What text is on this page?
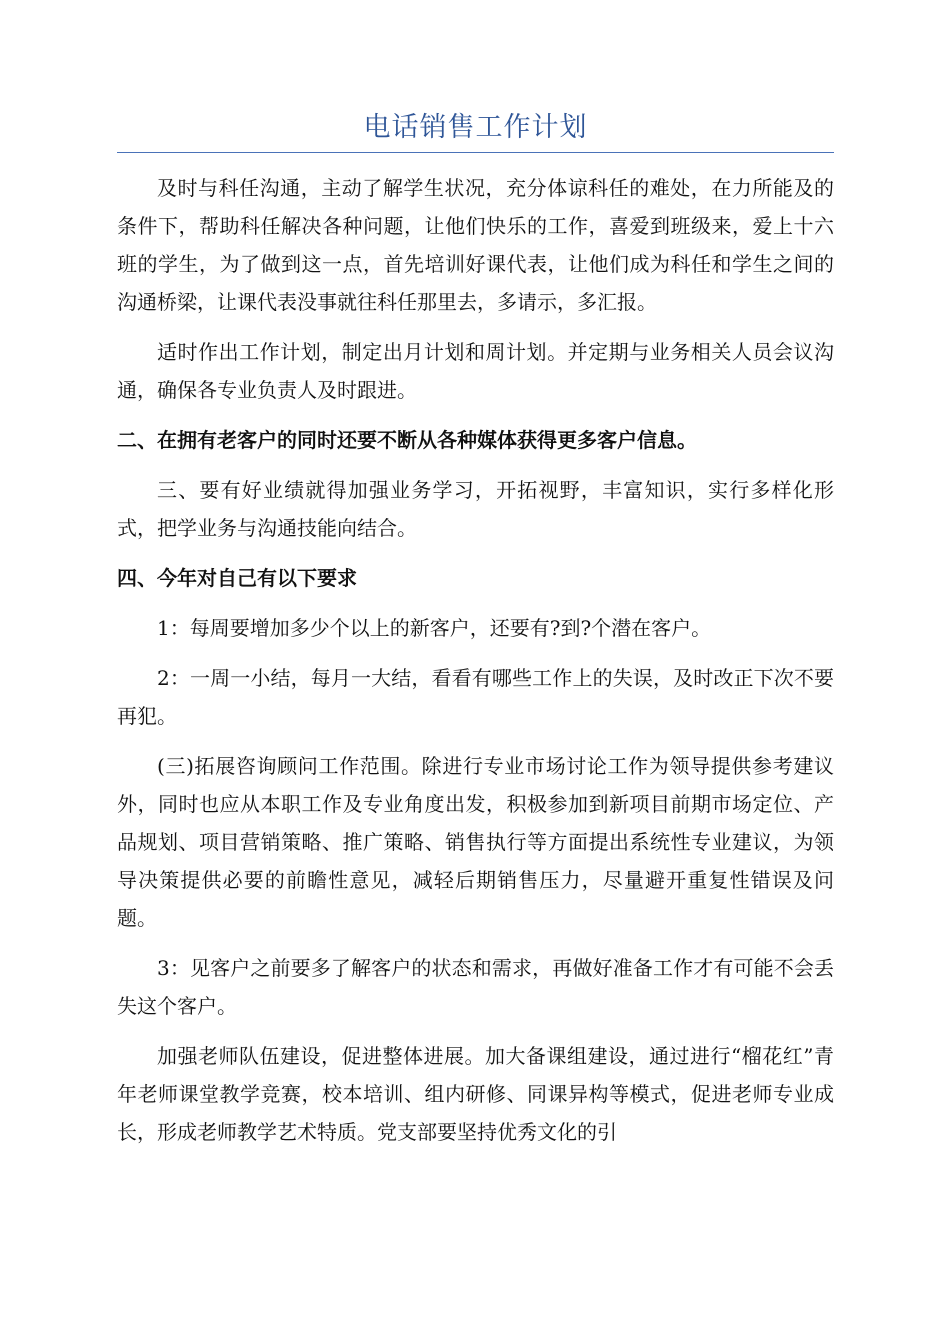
电话销售工作计划

及时与科任沟通，主动了解学生状况，充分体谅科任的难处，在力所能及的条件下，帮助科任解决各种问题，让他们快乐的工作，喜爱到班级来，爱上十六班的学生，为了做到这一点，首先培训好课代表，让他们成为科任和学生之间的沟通桥梁，让课代表没事就往科任那里去，多请示，多汇报。

适时作出工作计划，制定出月计划和周计划。并定期与业务相关人员会议沟通，确保各专业负责人及时跟进。

二、在拥有老客户的同时还要不断从各种媒体获得更多客户信息。

三、要有好业绩就得加强业务学习，开拓视野，丰富知识，实行多样化形式，把学业务与沟通技能向结合。

四、今年对自己有以下要求

1：每周要增加多少个以上的新客户，还要有?到?个潜在客户。

2：一周一小结，每月一大结，看看有哪些工作上的失误，及时改正下次不要再犯。

(三)拓展咨询顾问工作范围。除进行专业市场讨论工作为领导提供参考建议外，同时也应从本职工作及专业角度出发，积极参加到新项目前期市场定位、产品规划、项目营销策略、推广策略、销售执行等方面提出系统性专业建议，为领导决策提供必要的前瞻性意见，减轻后期销售压力，尽量避开重复性错误及问题。

3：见客户之前要多了解客户的状态和需求，再做好准备工作才有可能不会丢失这个客户。

加强老师队伍建设，促进整体进展。加大备课组建设，通过进行“榴花红”青年老师课堂教学竞赛，校本培训、组内研修、同课异构等模式，促进老师专业成长，形成老师教学艺术特质。党支部要坚持优秀文化的引
